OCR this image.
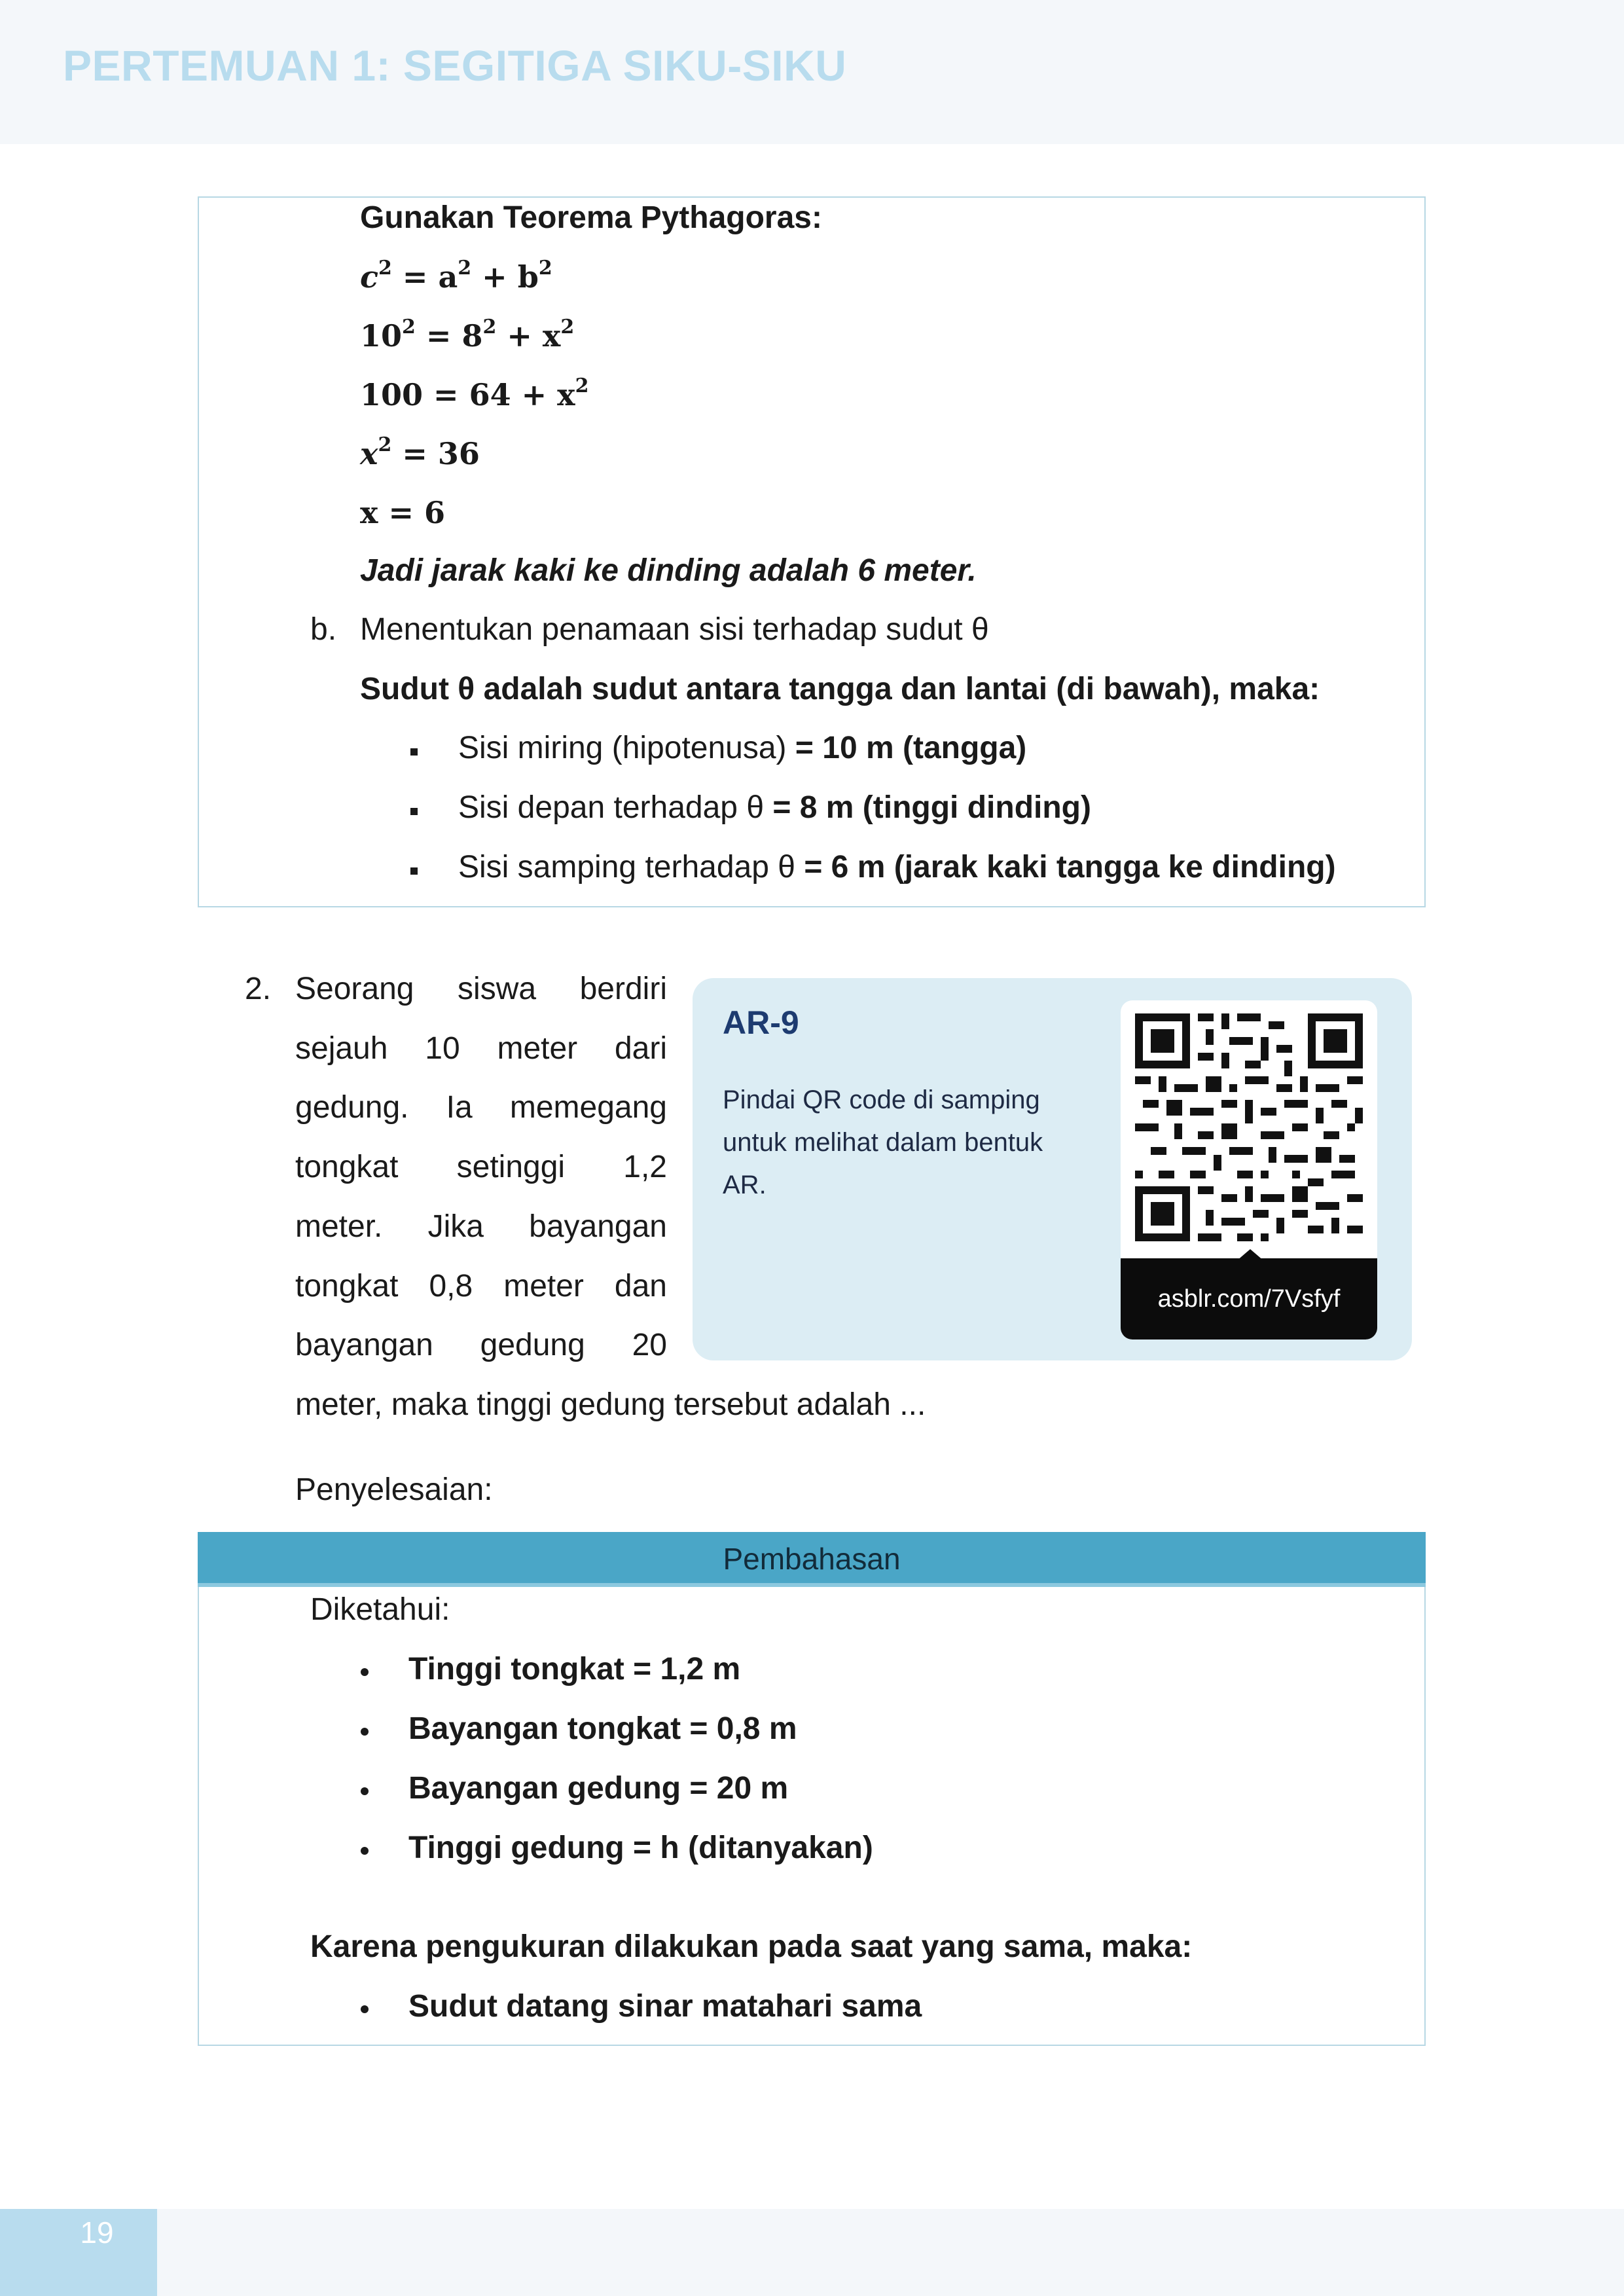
PERTEMUAN 1: SEGITIGA SIKU-SIKU
Gunakan Teorema Pythagoras:
$c^2 = a^2 + b^2$
$10^2 = 8^2 + x^2$
$100 = 64 + x^2$
$x^2 = 36$
x = 6
Jadi jarak kaki ke dinding adalah 6 meter.
b. Menentukan penamaan sisi terhadap sudut θ
Sudut θ adalah sudut antara tangga dan lantai (di bawah), maka:
Sisi miring (hipotenusa) = 10 m (tangga)
Sisi depan terhadap θ = 8 m (tinggi dinding)
Sisi samping terhadap θ = 6 m (jarak kaki tangga ke dinding)
2. Seorang siswa berdiri
sejauh 10 meter dari
gedung. Ia memegang
tongkat setinggi 1,2
meter. Jika bayangan
tongkat 0,8 meter dan
bayangan gedung 20
meter, maka tinggi gedung tersebut adalah ...
Penyelesaian:
AR-9
Pindai QR code di samping untuk melihat dalam bentuk AR.
asblr.com/7Vsfyf
Pembahasan
Diketahui:
Tinggi tongkat = 1,2 m
Bayangan tongkat = 0,8 m
Bayangan gedung = 20 m
Tinggi gedung = h (ditanyakan)
Karena pengukuran dilakukan pada saat yang sama, maka:
Sudut datang sinar matahari sama
19
